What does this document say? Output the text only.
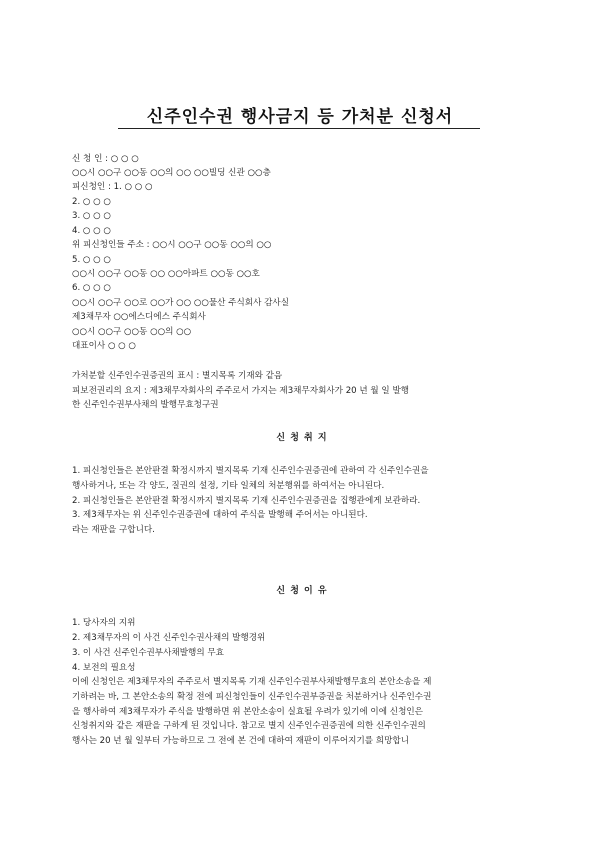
신주인수권 행사금지 등 가처분 신청서
신 청 인 : ○ ○ ○
○○시 ○○구 ○○동 ○○의 ○○ ○○빌딩 신관 ○○층
피신청인 : 1. ○ ○ ○
2. ○ ○ ○
3. ○ ○ ○
4. ○ ○ ○
위 피신청인들 주소 : ○○시 ○○구 ○○동 ○○의 ○○
5. ○ ○ ○
○○시 ○○구 ○○동 ○○ ○○아파트 ○○동 ○○호
6. ○ ○ ○
○○시 ○○구 ○○로 ○○가 ○○ ○○물산 주식회사 감사실
제3채무자 ○○에스디에스 주식회사
○○시 ○○구 ○○동 ○○의 ○○
대표이사 ○ ○ ○
가처분할 신주인수권증권의 표시 : 별지목록 기재와 같음
피보전권리의 요지 : 제3채무자회사의 주주로서 가지는 제3채무자회사가 20 년 월 일 발행
한 신주인수권부사채의 발행무효청구권
신 청 취 지
1. 피신청인들은 본안판결 확정시까지 별지목록 기재 신주인수권증권에 관하여 각 신주인수권을
행사하거나, 또는 각 양도, 질권의 설정, 기타 일체의 처분행위를 하여서는 아니된다.
2. 피신청인들은 본안판결 확정시까지 별지목록 기재 신주인수권증권을 집행관에게 보관하라.
3. 제3채무자는 위 신주인수권증권에 대하여 주식을 발행해 주어서는 아니된다.
라는 재판을 구합니다.
신 청 이 유
1. 당사자의 지위
2. 제3채무자의 이 사건 신주인수권사채의 발행경위
3. 이 사건 신주인수권부사채발행의 무효
4. 보전의 필요성
이에 신청인은 제3채무자의 주주로서 별지목록 기재 신주인수권부사채발행무효의 본안소송을 제
기하려는 바, 그 본안소송의 확정 전에 피신청인들이 신주인수권부증권을 처분하거나 신주인수권
을 행사하여 제3채무자가 주식을 발행하면 위 본안소송이 실효될 우려가 있기에 이에 신청인은
신청취지와 같은 재판을 구하게 된 것입니다. 참고로 별지 신주인수권증권에 의한 신주인수권의
행사는 20 년 월 일부터 가능하므로 그 전에 본 건에 대하여 재판이 이루어지기를 희망합니
